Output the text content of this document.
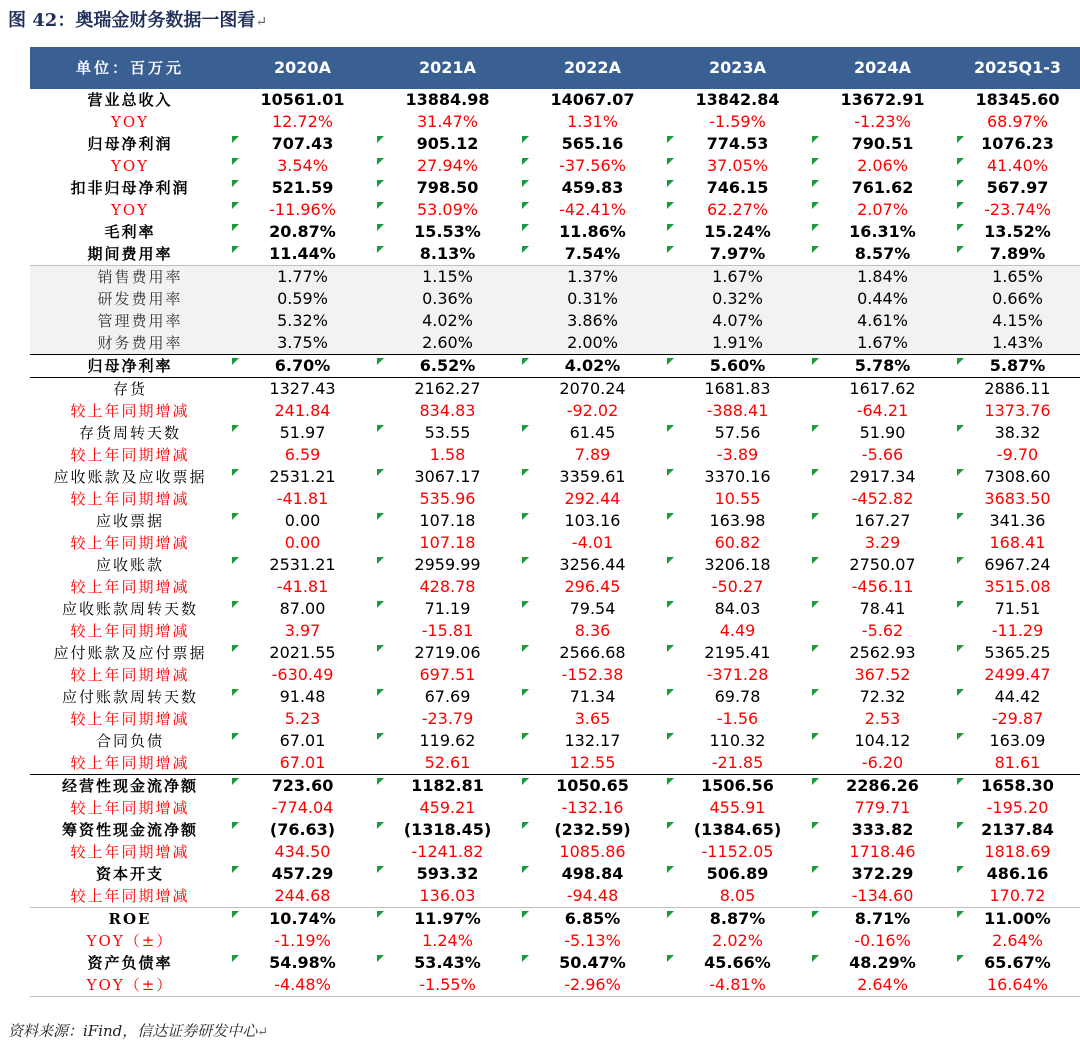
图 42：奥瑞金财务数据一图看↵
单位：百万元	2020A	2021A	2022A	2023A	2024A	2025Q1-3
营业总收入	10561.01	13884.98	14067.07	13842.84	13672.91	18345.60
YOY	12.72%	31.47%	1.31%	-1.59%	-1.23%	68.97%
归母净利润	707.43	905.12	565.16	774.53	790.51	1076.23

YOY	3.54%	27.94%	-37.56%	37.05%	2.06%	41.40%

扣非归母净利润	521.59	798.50	459.83	746.15	761.62	567.97

YOY	-11.96%	53.09%	-42.41%	62.27%	2.07%	-23.74%

毛利率	20.87%	15.53%	11.86%	15.24%	16.31%	13.52%

期间费用率	11.44%	8.13%	7.54%	7.97%	8.57%	7.89%

销售费用率	1.77%	1.15%	1.37%	1.67%	1.84%	1.65%
研发费用率	0.59%	0.36%	0.31%	0.32%	0.44%	0.66%
管理费用率	5.32%	4.02%	3.86%	4.07%	4.61%	4.15%
财务费用率	3.75%	2.60%	2.00%	1.91%	1.67%	1.43%
归母净利率	6.70%	6.52%	4.02%	5.60%	5.78%	5.87%

存货	1327.43	2162.27	2070.24	1681.83	1617.62	2886.11
较上年同期增减	241.84	834.83	-92.02	-388.41	-64.21	1373.76
存货周转天数	51.97	53.55	61.45	57.56	51.90	38.32

较上年同期增减	6.59	1.58	7.89	-3.89	-5.66	-9.70
应收账款及应收票据	2531.21	3067.17	3359.61	3370.16	2917.34	7308.60

较上年同期增减	-41.81	535.96	292.44	10.55	-452.82	3683.50
应收票据	0.00	107.18	103.16	163.98	167.27	341.36

较上年同期增减	0.00	107.18	-4.01	60.82	3.29	168.41
应收账款	2531.21	2959.99	3256.44	3206.18	2750.07	6967.24

较上年同期增减	-41.81	428.78	296.45	-50.27	-456.11	3515.08
应收账款周转天数	87.00	71.19	79.54	84.03	78.41	71.51

较上年同期增减	3.97	-15.81	8.36	4.49	-5.62	-11.29
应付账款及应付票据	2021.55	2719.06	2566.68	2195.41	2562.93	5365.25

较上年同期增减	-630.49	697.51	-152.38	-371.28	367.52	2499.47
应付账款周转天数	91.48	67.69	71.34	69.78	72.32	44.42

较上年同期增减	5.23	-23.79	3.65	-1.56	2.53	-29.87
合同负债	67.01	119.62	132.17	110.32	104.12	163.09

较上年同期增减	67.01	52.61	12.55	-21.85	-6.20	81.61
经营性现金流净额	723.60	1182.81	1050.65	1506.56	2286.26	1658.30

较上年同期增减	-774.04	459.21	-132.16	455.91	779.71	-195.20
筹资性现金流净额	(76.63)	(1318.45)	(232.59)	(1384.65)	333.82	2137.84

较上年同期增减	434.50	-1241.82	1085.86	-1152.05	1718.46	1818.69
资本开支	457.29	593.32	498.84	506.89	372.29	486.16

较上年同期增减	244.68	136.03	-94.48	8.05	-134.60	170.72
ROE	10.74%	11.97%	6.85%	8.87%	8.71%	11.00%

YOY（±）	-1.19%	1.24%	-5.13%	2.02%	-0.16%	2.64%
资产负债率	54.98%	53.43%	50.47%	45.66%	48.29%	65.67%

YOY（±）	-4.48%	-1.55%	-2.96%	-4.81%	2.64%	16.64%
资料来源：iFind，信达证券研发中心↵
